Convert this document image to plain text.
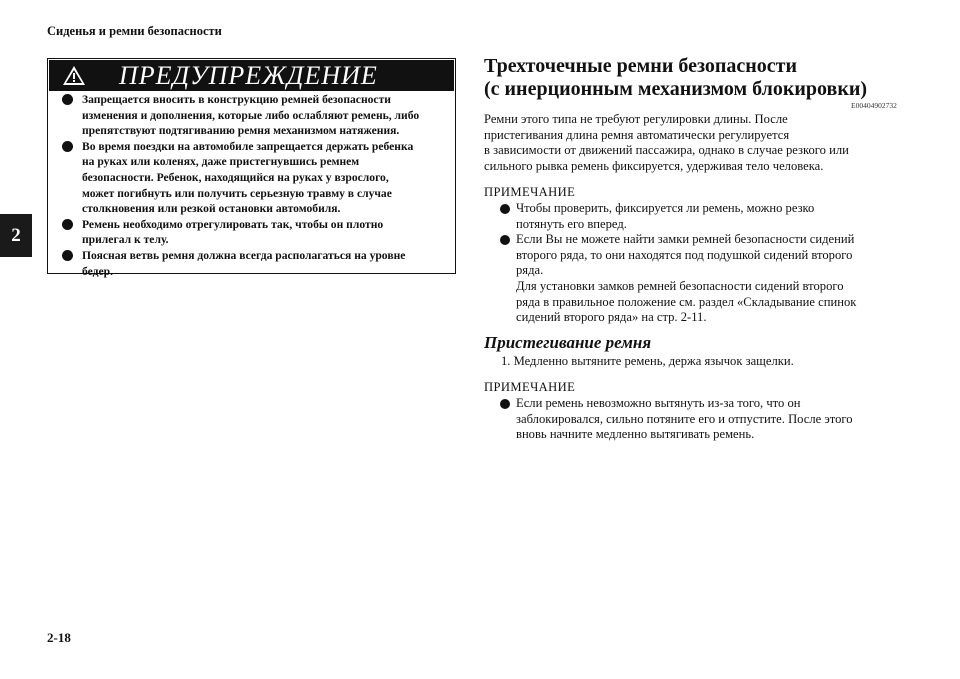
Сиденья и ремни безопасности
2
ПРЕДУПРЕЖДЕНИЕ
Запрещается вносить в конструкцию ремней безопасности
изменения и дополнения, которые либо ослабляют ремень, либо
препятствуют подтягиванию ремня механизмом натяжения.
Во время поездки на автомобиле запрещается держать ребенка
на руках или коленях, даже пристегнувшись ремнем
безопасности. Ребенок, находящийся на руках у взрослого,
может погибнуть или получить серьезную травму в случае
столкновения или резкой остановки автомобиля.
Ремень необходимо отрегулировать так, чтобы он плотно
прилегал к телу.
Поясная ветвь ремня должна всегда располагаться на уровне
бедер.
Трехточечные ремни безопасности
(с инерционным механизмом блокировки)
E00404902732
Ремни этого типа не требуют регулировки длины. После
пристегивания длина ремня автоматически регулируется
в зависимости от движений пассажира, однако в случае резкого или
сильного рывка ремень фиксируется, удерживая тело человека.
ПРИМЕЧАНИЕ
Чтобы проверить, фиксируется ли ремень, можно резко
потянуть его вперед.
Если Вы не можете найти замки ремней безопасности сидений
второго ряда, то они находятся под подушкой сидений второго
ряда.
Для установки замков ремней безопасности сидений второго
ряда в правильное положение см. раздел «Складывание спинок
сидений второго ряда» на стр. 2-11.
Пристегивание ремня
1. Медленно вытяните ремень, держа язычок защелки.
ПРИМЕЧАНИЕ
Если ремень невозможно вытянуть из-за того, что он
заблокировался, сильно потяните его и отпустите. После этого
вновь начните медленно вытягивать ремень.
2-18
